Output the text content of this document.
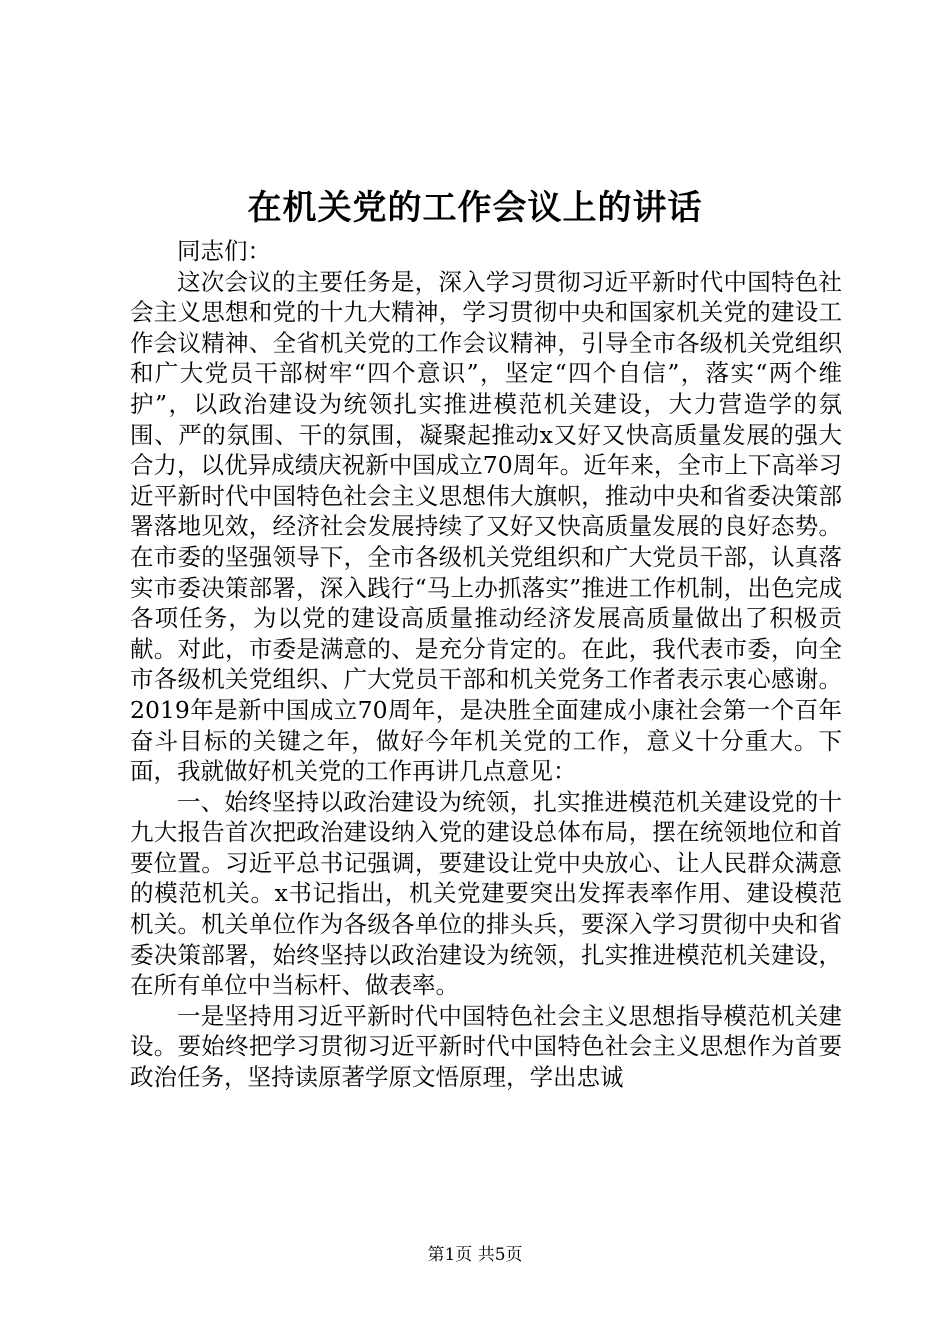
在机关党的工作会议上的讲话

同志们：

这次会议的主要任务是，深入学习贯彻习近平新时代中国特色社会主义思想和党的十九大精神，学习贯彻中央和国家机关党的建设工作会议精神、全省机关党的工作会议精神，引导全市各级机关党组织和广大党员干部树牢“四个意识”，坚定“四个自信”，落实“两个维护”，以政治建设为统领扎实推进模范机关建设，大力营造学的氛围、严的氛围、干的氛围，凝聚起推动x又好又快高质量发展的强大合力，以优异成绩庆祝新中国成立70周年。近年来，全市上下高举习近平新时代中国特色社会主义思想伟大旗帜，推动中央和省委决策部署落地见效，经济社会发展持续了又好又快高质量发展的良好态势。在市委的坚强领导下，全市各级机关党组织和广大党员干部，认真落实市委决策部署，深入践行“马上办抓落实”推进工作机制，出色完成各项任务，为以党的建设高质量推动经济发展高质量做出了积极贡献。对此，市委是满意的、是充分肯定的。在此，我代表市委，向全市各级机关党组织、广大党员干部和机关党务工作者表示衷心感谢。2019年是新中国成立70周年，是决胜全面建成小康社会第一个百年奋斗目标的关键之年，做好今年机关党的工作，意义十分重大。下面，我就做好机关党的工作再讲几点意见：

一、始终坚持以政治建设为统领，扎实推进模范机关建设党的十九大报告首次把政治建设纳入党的建设总体布局，摆在统领地位和首要位置。习近平总书记强调，要建设让党中央放心、让人民群众满意的模范机关。x书记指出，机关党建要突出发挥表率作用、建设模范机关。机关单位作为各级各单位的排头兵，要深入学习贯彻中央和省委决策部署，始终坚持以政治建设为统领，扎实推进模范机关建设，在所有单位中当标杆、做表率。

一是坚持用习近平新时代中国特色社会主义思想指导模范机关建设。要始终把学习贯彻习近平新时代中国特色社会主义思想作为首要政治任务，坚持读原著学原文悟原理，学出忠诚

第1页 共5页
